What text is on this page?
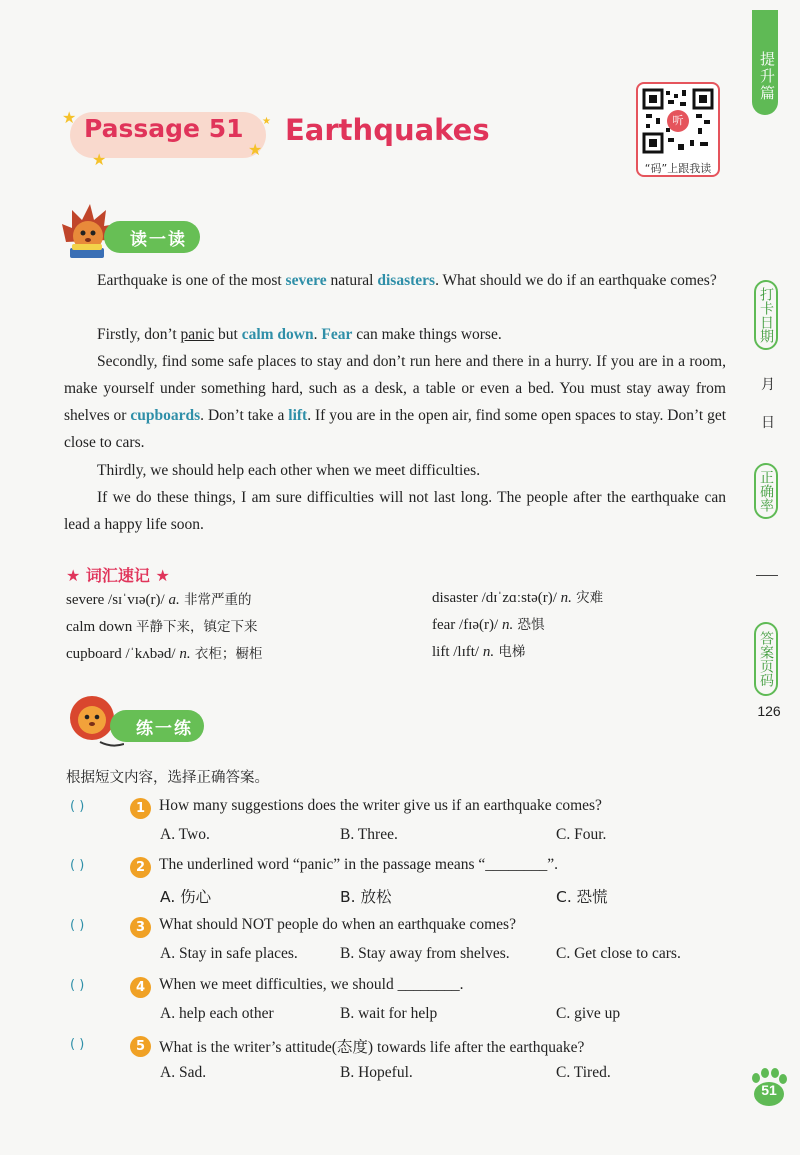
提升篇
打卡日期
月
日
正确率
答案页码
126
51
★
★
★
★
Passage 51 Earthquakes	听
“码”上跟我读
读一读
Earthquake is one of the most severe natural disasters. What should we do if an earthquake comes?
Firstly, don’t panic but calm down. Fear can make things worse.
Secondly, find some safe places to stay and don’t run here and there in a hurry. If you are in a room, make yourself under something hard, such as a desk, a table or even a bed. You must stay away from shelves or cupboards. Don’t take a lift. If you are in the open air, find some open spaces to stay. Don’t get close to cars.
Thirdly, we should help each other when we meet difficulties.
If we do these things, I am sure difficulties will not last long. The people after the earthquake can lead a happy life soon.
★ 词汇速记 ★
severe /sɪˈvɪə(r)/ a. 非常严重的	disaster /dɪˈzɑːstə(r)/ n. 灾难
calm down 平静下来，镇定下来	fear /fɪə(r)/ n. 恐惧
cupboard /ˈkʌbəd/ n. 衣柜；橱柜	lift /lɪft/ n. 电梯
练一练
根据短文内容，选择正确答案。
( )	1 How many suggestions does the writer give us if an earthquake comes?
A. Two.	B. Three.	C. Four.
( )	2 The underlined word “panic” in the passage means “________”.
A. 伤心	B. 放松	C. 恐慌
( )	3 What should NOT people do when an earthquake comes?
A. Stay in safe places.	B. Stay away from shelves.	C. Get close to cars.
( )	4 When we meet difficulties, we should ________.
A. help each other	B. wait for help	C. give up
( )	5 What is the writer’s attitude(态度) towards life after the earthquake?
A. Sad.	B. Hopeful.	C. Tired.
